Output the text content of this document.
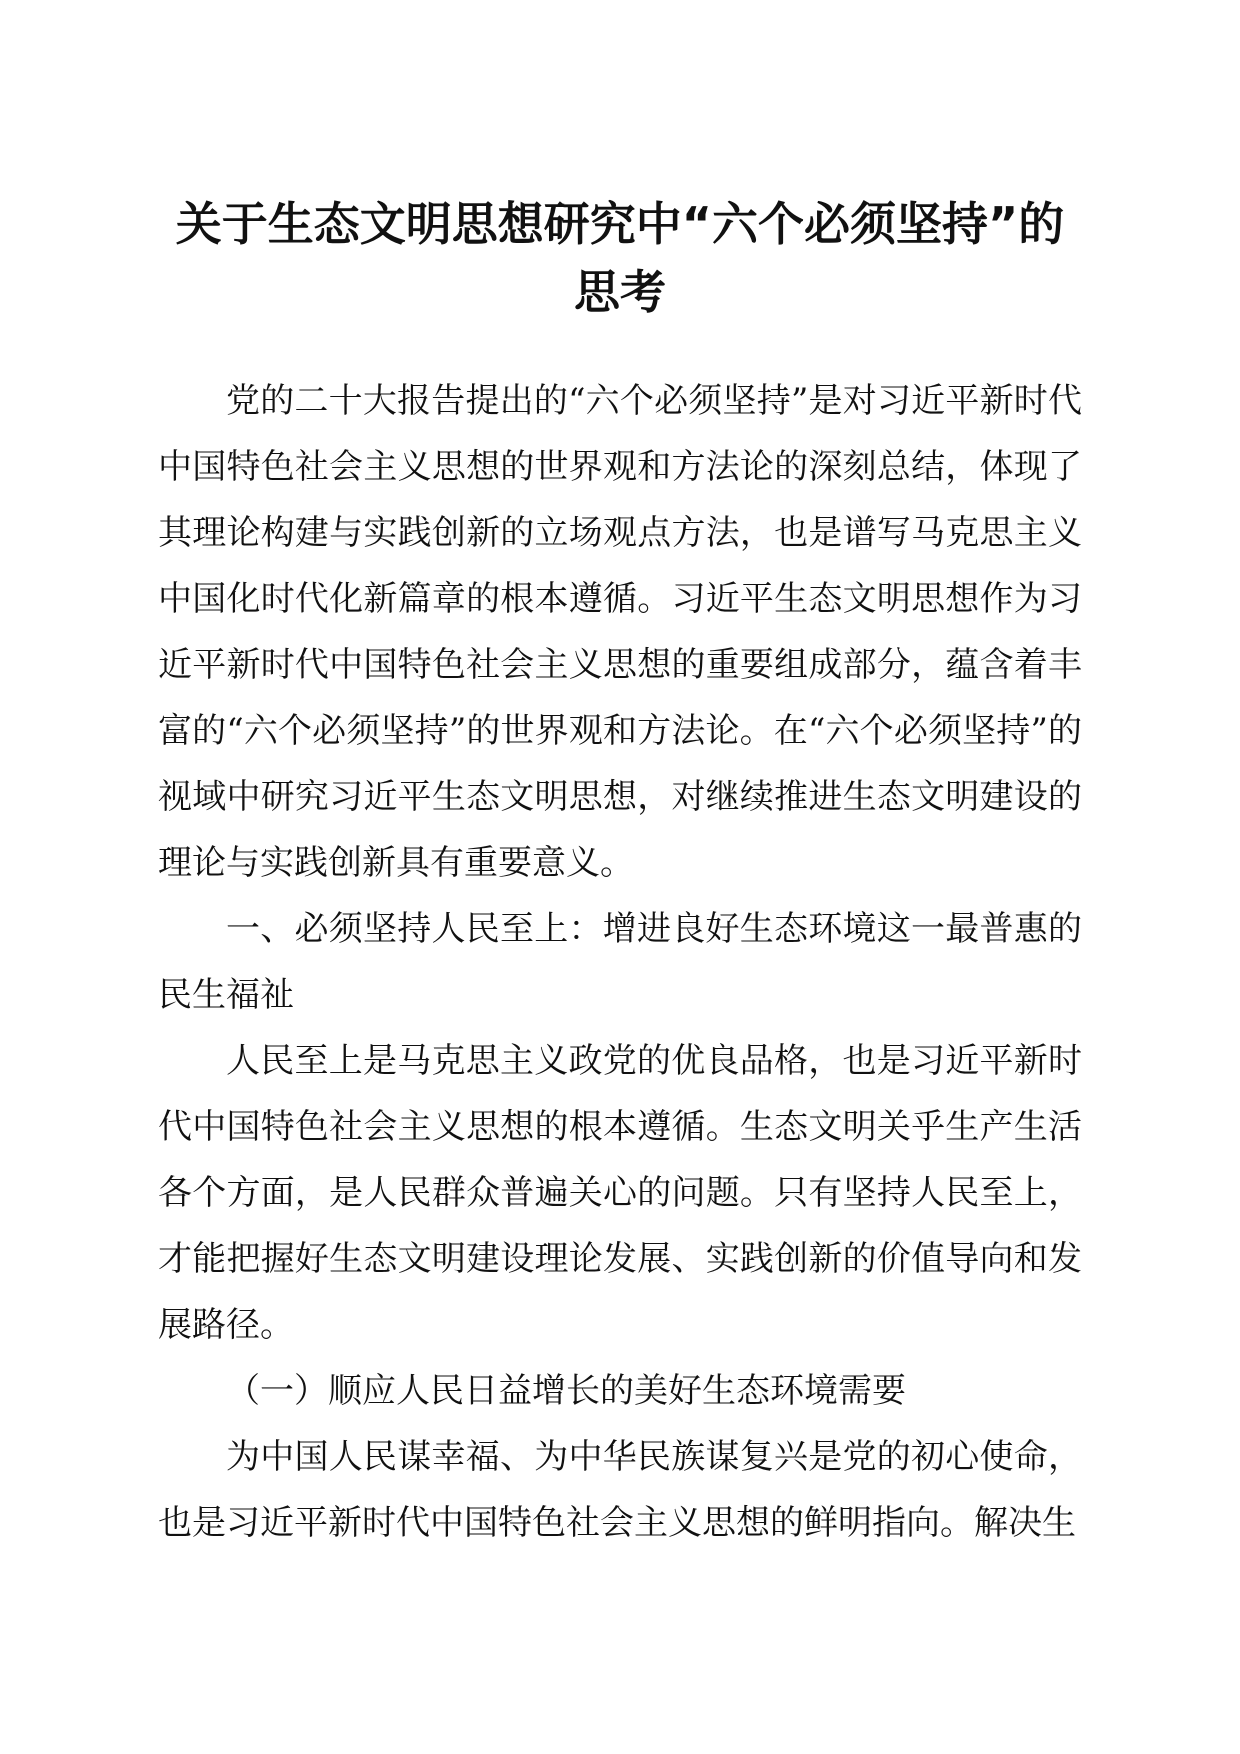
关于生态文明思想研究中“六个必须坚持”的思考

党的二十大报告提出的“六个必须坚持”是对习近平新时代中国特色社会主义思想的世界观和方法论的深刻总结，体现了其理论构建与实践创新的立场观点方法，也是谱写马克思主义中国化时代化新篇章的根本遵循。习近平生态文明思想作为习近平新时代中国特色社会主义思想的重要组成部分，蕴含着丰富的“六个必须坚持”的世界观和方法论。在“六个必须坚持”的视域中研究习近平生态文明思想，对继续推进生态文明建设的理论与实践创新具有重要意义。

一、必须坚持人民至上：增进良好生态环境这一最普惠的民生福祉

人民至上是马克思主义政党的优良品格，也是习近平新时代中国特色社会主义思想的根本遵循。生态文明关乎生产生活各个方面，是人民群众普遍关心的问题。只有坚持人民至上，才能把握好生态文明建设理论发展、实践创新的价值导向和发展路径。

（一）顺应人民日益增长的美好生态环境需要

为中国人民谋幸福、为中华民族谋复兴是党的初心使命，也是习近平新时代中国特色社会主义思想的鲜明指向。解决生
